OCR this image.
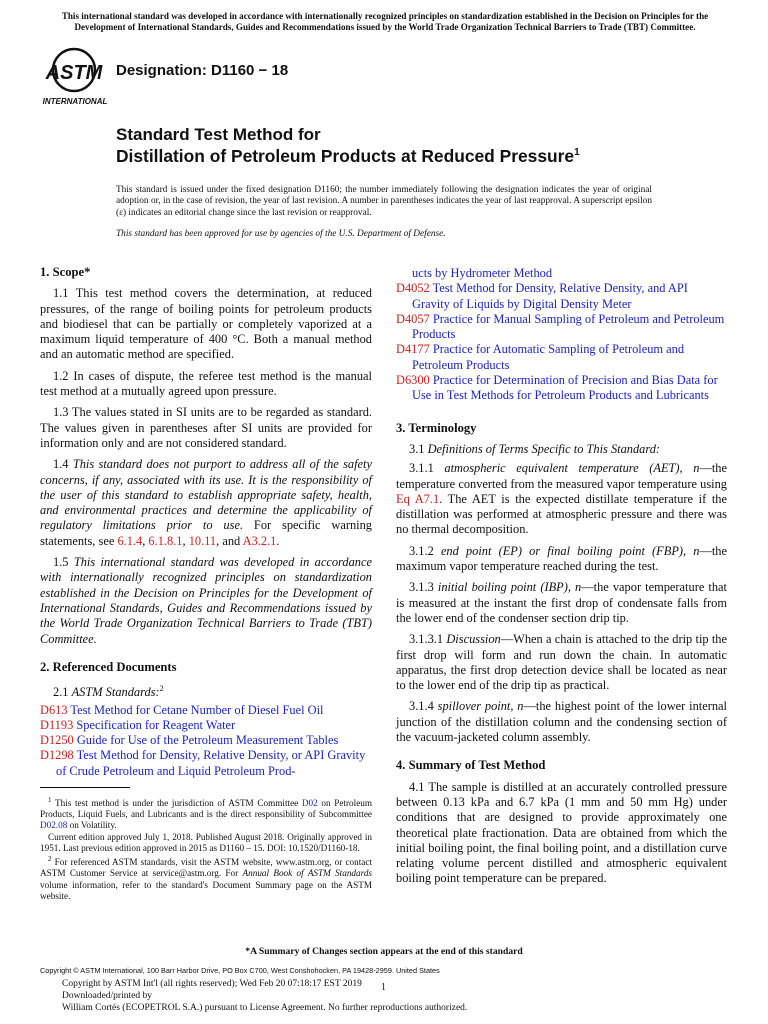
This international standard was developed in accordance with internationally recognized principles on standardization established in the Decision on Principles for the Development of International Standards, Guides and Recommendations issued by the World Trade Organization Technical Barriers to Trade (TBT) Committee.
ASTM
INTERNATIONAL
Designation: D1160 − 18
Standard Test Method for
Distillation of Petroleum Products at Reduced Pressure$^1$
This standard is issued under the fixed designation D1160; the number immediately following the designation indicates the year of original adoption or, in the case of revision, the year of last revision. A number in parentheses indicates the year of last reapproval. A superscript epsilon (ε) indicates an editorial change since the last revision or reapproval.
This standard has been approved for use by agencies of the U.S. Department of Defense.

1. Scope*

1.1 This test method covers the determination, at reduced pressures, of the range of boiling points for petroleum products and biodiesel that can be partially or completely vaporized at a maximum liquid temperature of 400 °C. Both a manual method and an automatic method are specified.

1.2 In cases of dispute, the referee test method is the manual test method at a mutually agreed upon pressure.

1.3 The values stated in SI units are to be regarded as standard. The values given in parentheses after SI units are provided for information only and are not considered standard.

1.4 This standard does not purport to address all of the safety concerns, if any, associated with its use. It is the responsibility of the user of this standard to establish appropriate safety, health, and environmental practices and determine the applicability of regulatory limitations prior to use. For specific warning statements, see 6.1.4, 6.1.8.1, 10.11, and A3.2.1.

1.5 This international standard was developed in accordance with internationally recognized principles on standardization established in the Decision on Principles for the Development of International Standards, Guides and Recommendations issued by the World Trade Organization Technical Barriers to Trade (TBT) Committee.

2. Referenced Documents

2.1 ASTM Standards:$^2$

D613 Test Method for Cetane Number of Diesel Fuel Oil

D1193 Specification for Reagent Water

D1250 Guide for Use of the Petroleum Measurement Tables

D1298 Test Method for Density, Relative Density, or API Gravity of Crude Petroleum and Liquid Petroleum Prod-

$^1$ This test method is under the jurisdiction of ASTM Committee D02 on Petroleum Products, Liquid Fuels, and Lubricants and is the direct responsibility of Subcommittee D02.08 on Volatility.

Current edition approved July 1, 2018. Published August 2018. Originally approved in 1951. Last previous edition approved in 2015 as D1160 – 15. DOI: 10.1520/D1160-18.

$^2$ For referenced ASTM standards, visit the ASTM website, www.astm.org, or contact ASTM Customer Service at service@astm.org. For Annual Book of ASTM Standards volume information, refer to the standard's Document Summary page on the ASTM website.

ucts by Hydrometer Method

D4052 Test Method for Density, Relative Density, and API Gravity of Liquids by Digital Density Meter

D4057 Practice for Manual Sampling of Petroleum and Petroleum Products

D4177 Practice for Automatic Sampling of Petroleum and Petroleum Products

D6300 Practice for Determination of Precision and Bias Data for Use in Test Methods for Petroleum Products and Lubricants

3. Terminology

3.1 Definitions of Terms Specific to This Standard:

3.1.1 atmospheric equivalent temperature (AET), n—the temperature converted from the measured vapor temperature using Eq A7.1. The AET is the expected distillate temperature if the distillation was performed at atmospheric pressure and there was no thermal decomposition.

3.1.2 end point (EP) or final boiling point (FBP), n—the maximum vapor temperature reached during the test.

3.1.3 initial boiling point (IBP), n—the vapor temperature that is measured at the instant the first drop of condensate falls from the lower end of the condenser section drip tip.

3.1.3.1 Discussion—When a chain is attached to the drip tip the first drop will form and run down the chain. In automatic apparatus, the first drop detection device shall be located as near to the lower end of the drip tip as practical.

3.1.4 spillover point, n—the highest point of the lower internal junction of the distillation column and the condensing section of the vacuum-jacketed column assembly.

4. Summary of Test Method

4.1 The sample is distilled at an accurately controlled pressure between 0.13 kPa and 6.7 kPa (1 mm and 50 mm Hg) under conditions that are designed to provide approximately one theoretical plate fractionation. Data are obtained from which the initial boiling point, the final boiling point, and a distillation curve relating volume percent distilled and atmospheric equivalent boiling point temperature can be prepared.

*A Summary of Changes section appears at the end of this standard
Copyright © ASTM International, 100 Barr Harbor Drive, PO Box C700, West Conshohocken, PA 19428-2959. United States
Copyright by ASTM Int'l (all rights reserved); Wed Feb 20 07:18:17 EST 2019
Downloaded/printed by
William Cortés (ECOPETROL S.A.) pursuant to License Agreement. No further reproductions authorized.
1
